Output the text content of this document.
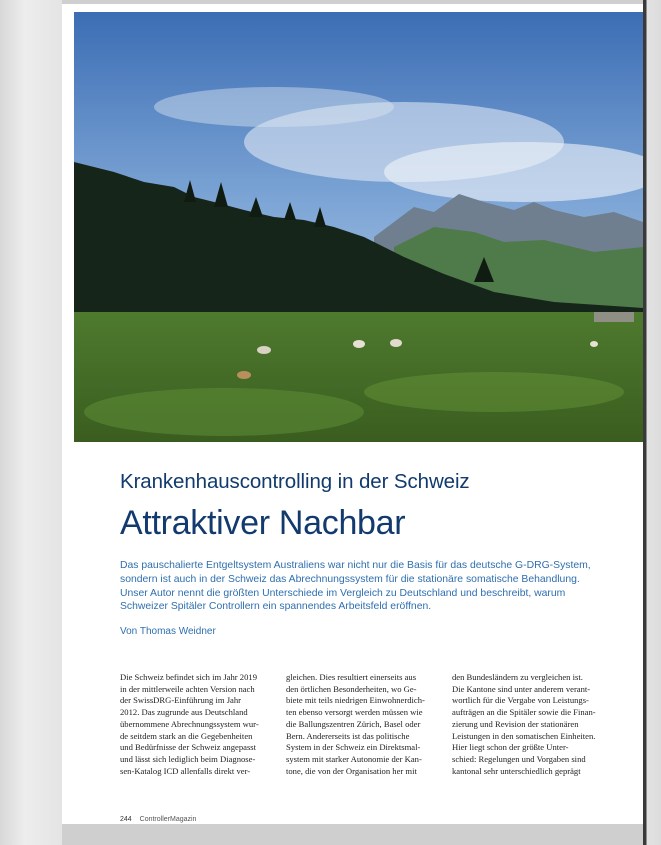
Krankenhauscontrolling in der Schweiz
Attraktiver Nachbar
Das pauschalierte Entgeltsystem Australiens war nicht nur die Basis für das deutsche G-DRG-System,
sondern ist auch in der Schweiz das Abrechnungssystem für die stationäre somatische Behandlung.
Unser Autor nennt die größten Unterschiede im Vergleich zu Deutschland und beschreibt, warum
Schweizer Spitäler Controllern ein spannendes Arbeitsfeld eröffnen.
Von Thomas Weidner
Die Schweiz befindet sich im Jahr 2019
in der mittlerweile achten Version nach
der SwissDRG-Einführung im Jahr
2012. Das zugrunde aus Deutschland
übernommene Abrechnungssystem wur-
de seitdem stark an die Gegebenheiten
und Bedürfnisse der Schweiz angepasst
und lässt sich lediglich beim Diagnose-
sen-Katalog ICD allenfalls direkt ver-
gleichen. Dies resultiert einerseits aus
den örtlichen Besonderheiten, wo Ge-
biete mit teils niedrigen Einwohnerdich-
ten ebenso versorgt werden müssen wie
die Ballungszentren Zürich, Basel oder
Bern. Andererseits ist das politische
System in der Schweiz ein Direktsmal-
system mit starker Autonomie der Kan-
tone, die von der Organisation her mit
den Bundesländern zu vergleichen ist.
Die Kantone sind unter anderem verant-
wortlich für die Vergabe von Leistungs-
aufträgen an die Spitäler sowie die Finan-
zierung und Revision der stationären
Leistungen in den somatischen Einheiten.
Hier liegt schon der größte Unter-
schied: Regelungen und Vorgaben sind
kantonal sehr unterschiedlich geprägt
244 ControllerMagazin
